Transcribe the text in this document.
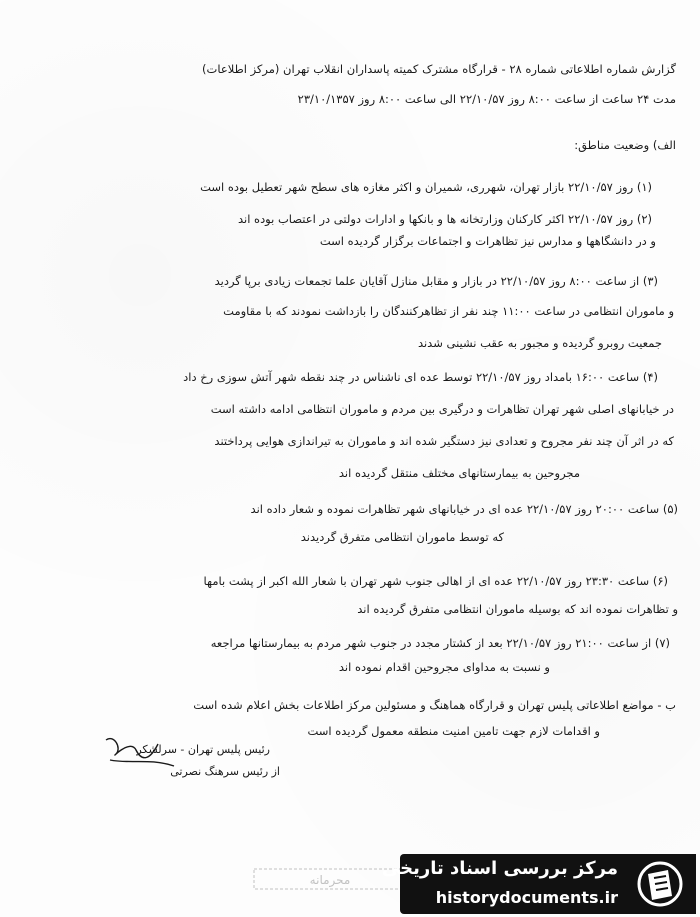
گزارش شماره اطلاعاتی شماره ۲۸ - قرارگاه مشترک کمیته پاسداران انقلاب تهران (مرکز اطلاعات)

مدت ۲۴ ساعت از ساعت ۸:۰۰ روز ۲۲/۱۰/۵۷ الی ساعت ۸:۰۰ روز ۲۳/۱۰/۱۳۵۷

الف) وضعیت مناطق:

(۱) روز ۲۲/۱۰/۵۷ بازار تهران، شهرری، شمیران و اکثر مغازه های سطح شهر تعطیل بوده است

(۲) روز ۲۲/۱۰/۵۷ اکثر کارکنان وزارتخانه ها و بانکها و ادارات دولتی در اعتصاب بوده اند

و در دانشگاهها و مدارس نیز تظاهرات و اجتماعات برگزار گردیده است

(۳) از ساعت ۸:۰۰ روز ۲۲/۱۰/۵۷ در بازار و مقابل منازل آقایان علما تجمعات زیادی برپا گردید

و ماموران انتظامی در ساعت ۱۱:۰۰ چند نفر از تظاهرکنندگان را بازداشت نمودند که با مقاومت

جمعیت روبرو گردیده و مجبور به عقب نشینی شدند

(۴) ساعت ۱۶:۰۰ بامداد روز ۲۲/۱۰/۵۷ توسط عده ای ناشناس در چند نقطه شهر آتش سوزی رخ داد

در خیابانهای اصلی شهر تهران تظاهرات و درگیری بین مردم و ماموران انتظامی ادامه داشته است

که در اثر آن چند نفر مجروح و تعدادی نیز دستگیر شده اند و ماموران به تیراندازی هوایی پرداختند

مجروحین به بیمارستانهای مختلف منتقل گردیده اند

(۵) ساعت ۲۰:۰۰ روز ۲۲/۱۰/۵۷ عده ای در خیابانهای شهر تظاهرات نموده و شعار داده اند

که توسط ماموران انتظامی متفرق گردیدند

(۶) ساعت ۲۳:۳۰ روز ۲۲/۱۰/۵۷ عده ای از اهالی جنوب شهر تهران با شعار الله اکبر از پشت بامها

و تظاهرات نموده اند که بوسیله ماموران انتظامی متفرق گردیده اند

(۷) از ساعت ۲۱:۰۰ روز ۲۲/۱۰/۵۷ بعد از کشتار مجدد در جنوب شهر مردم به بیمارستانها مراجعه

و نسبت به مداوای مجروحین اقدام نموده اند

ب - مواضع اطلاعاتی پلیس تهران و قرارگاه هماهنگ و مسئولین مرکز اطلاعات بخش اعلام شده است

و اقدامات لازم جهت تامین امنیت منطقه معمول گردیده است

رئیس پلیس تهران - سرلشکر

از رئیس سرهنگ نصرتی

محرمانه
مرکز بررسی اسناد تاریخی
historydocuments.ir
